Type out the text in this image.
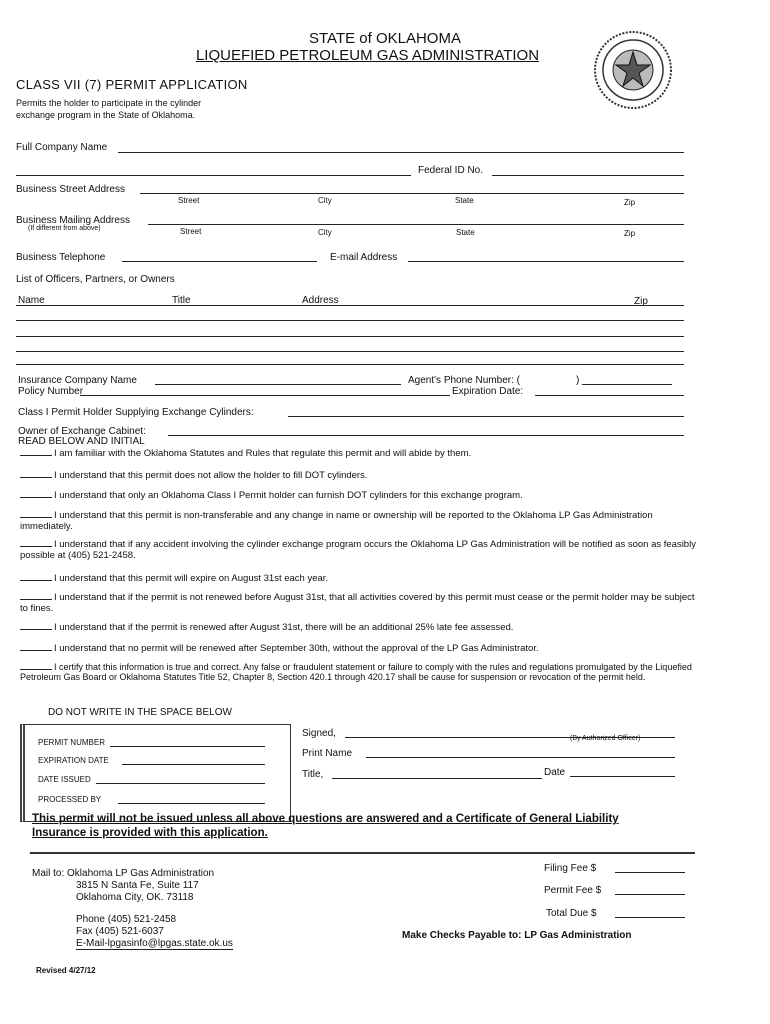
STATE of OKLAHOMA
LIQUEFIED PETROLEUM GAS ADMINISTRATION
CLASS VII (7) PERMIT APPLICATION
Permits the holder to participate in the cylinder
exchange program in the State of Oklahoma.
Full Company Name
Federal ID No.
Business Street Address
Street	City	State	Zip
Business Mailing Address
(If different from above)	Street	City	State	Zip
Business Telephone	E-mail Address
List of Officers, Partners, or Owners
Name	Title	Address	Zip
Insurance Company Name	Agent's Phone Number: (	)
Policy Number	Expiration Date:
Class I Permit Holder Supplying Exchange Cylinders:
Owner of Exchange Cabinet:
READ BELOW AND INITIAL
I am familiar with the Oklahoma Statutes and Rules that regulate this permit and will abide by them.
I understand that this permit does not allow the holder to fill DOT cylinders.
I understand that only an Oklahoma Class I Permit holder can furnish DOT cylinders for this exchange program.
I understand that this permit is non-transferable and any change in name or ownership will be reported to the Oklahoma LP Gas Administration immediately.
I understand that if any accident involving the cylinder exchange program occurs the Oklahoma LP Gas Administration will be notified as soon as feasibly possible at (405) 521-2458.
I understand that this permit will expire on August 31st each year.
I understand that if the permit is not renewed before August 31st, that all activities covered by this permit must cease or the permit holder may be subject to fines.
I understand that if the permit is renewed after August 31st, there will be an additional 25% late fee assessed.
I understand that no permit will be renewed after September 30th, without the approval of the LP Gas Administrator.
I certify that this information is true and correct. Any false or fraudulent statement or failure to comply with the rules and regulations promulgated by the Liquefied Petroleum Gas Board or Oklahoma Statutes Title 52, Chapter 8, Section 420.1 through 420.17 shall be cause for suspension or revocation of the permit held.
DO NOT WRITE IN THE SPACE BELOW
PERMIT NUMBER
EXPIRATION DATE
DATE ISSUED
PROCESSED BY
Signed,	(By Authorized Officer)
Print Name
Title,	Date
This permit will not be issued unless all above questions are answered and a Certificate of General Liability
Insurance is provided with this application.
Mail to: Oklahoma LP Gas Administration
3815 N Santa Fe, Suite 117
Oklahoma City, OK. 73118
Phone (405) 521-2458
Fax (405) 521-6037
E-Mail-lpgasinfo@lpgas.state.ok.us
Filing Fee $
Permit Fee $
Total Due $
Make Checks Payable to: LP Gas Administration
Revised 4/27/12
